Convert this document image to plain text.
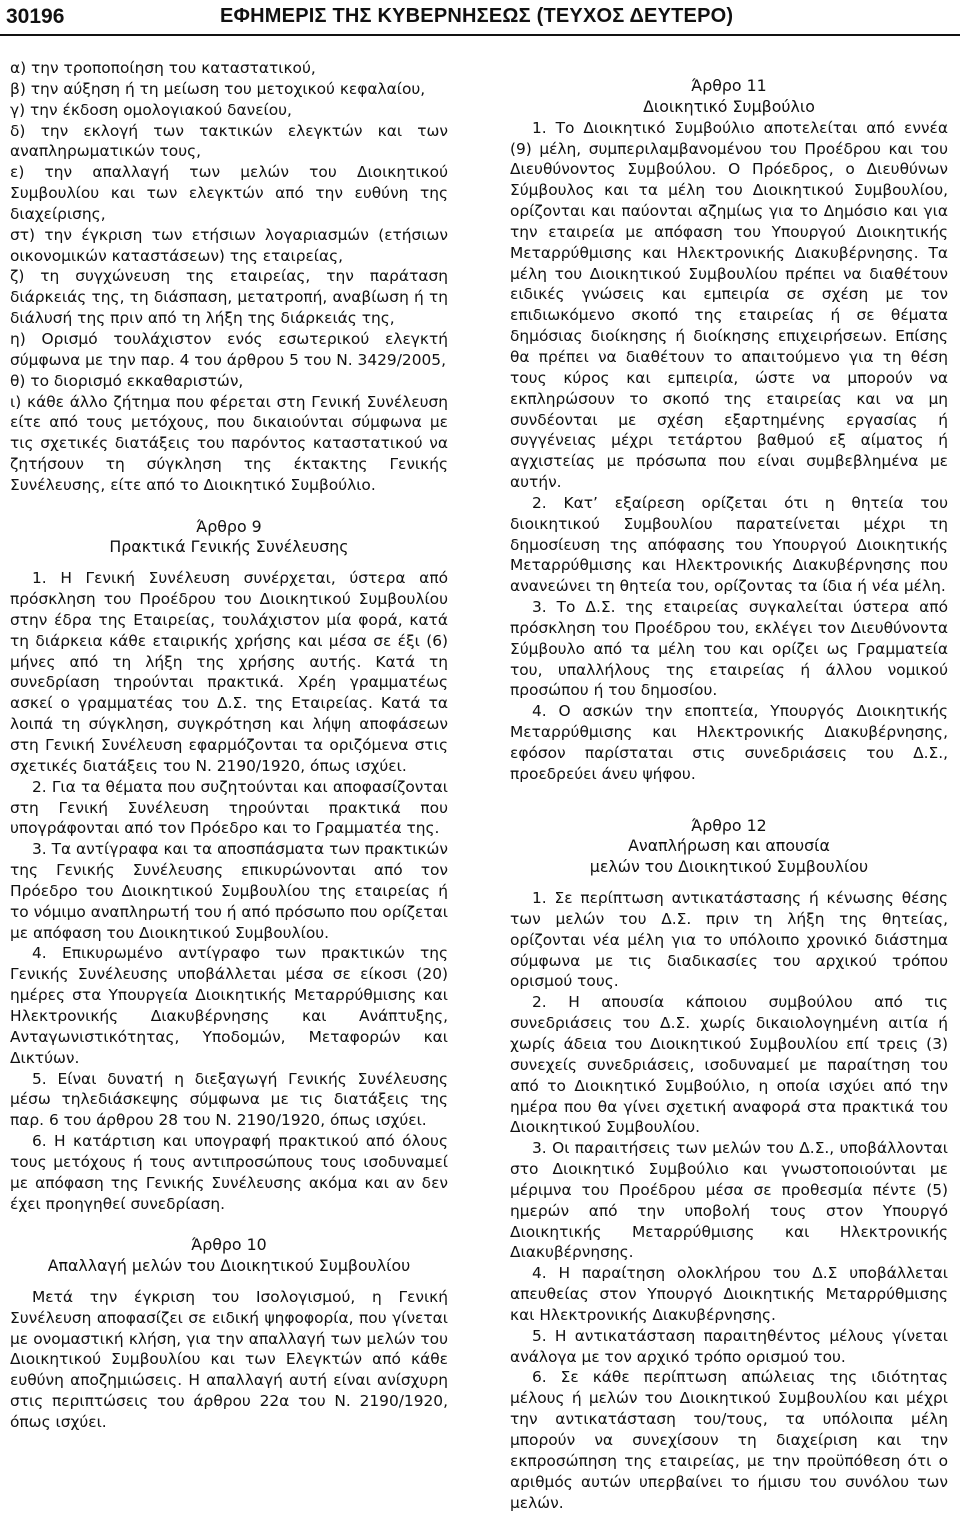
30196	ΕΦΗΜΕΡΙΣ ΤΗΣ ΚΥΒΕΡΝΗΣΕΩΣ (ΤΕΥΧΟΣ ΔΕΥΤΕΡΟ)

α) την τροποποίηση του καταστατικού,

β) την αύξηση ή τη μείωση του μετοχικού κεφαλαίου,

γ) την έκδοση ομολογιακού δανείου,

δ) την εκλογή των τακτικών ελεγκτών και των αναπληρωματικών τους,

ε) την απαλλαγή των μελών του Διοικητικού Συμβουλίου και των ελεγκτών από την ευθύνη της διαχείρισης,

στ) την έγκριση των ετήσιων λογαριασμών (ετήσιων οικονομικών καταστάσεων) της εταιρείας,

ζ) τη συγχώνευση της εταιρείας, την παράταση διάρκειάς της, τη διάσπαση, μετατροπή, αναβίωση ή τη διάλυσή της πριν από τη λήξη της διάρκειάς της,

η) Ορισμό τουλάχιστον ενός εσωτερικού ελεγκτή σύμφωνα με την παρ. 4 του άρθρου 5 του Ν. 3429/2005,

θ) το διορισμό εκκαθαριστών,

ι) κάθε άλλο ζήτημα που φέρεται στη Γενική Συνέλευση είτε από τους μετόχους, που δικαιούνται σύμφωνα με τις σχετικές διατάξεις του παρόντος καταστατικού να ζητήσουν τη σύγκληση της έκτακτης Γενικής Συνέλευσης, είτε από το Διοικητικό Συμβούλιο.

Άρθρο 9

Πρακτικά Γενικής Συνέλευσης

1. Η Γενική Συνέλευση συνέρχεται, ύστερα από πρόσκληση του Προέδρου του Διοικητικού Συμβουλίου στην έδρα της Εταιρείας, τουλάχιστον μία φορά, κατά τη διάρκεια κάθε εταιρικής χρήσης και μέσα σε έξι (6) μήνες από τη λήξη της χρήσης αυτής. Κατά τη συνεδρίαση τηρούνται πρακτικά. Χρέη γραμματέως ασκεί ο γραμματέας του Δ.Σ. της Εταιρείας. Κατά τα λοιπά τη σύγκληση, συγκρότηση και λήψη αποφάσεων στη Γενική Συνέλευση εφαρμόζονται τα οριζόμενα στις σχετικές διατάξεις του Ν. 2190/1920, όπως ισχύει.

2. Για τα θέματα που συζητούνται και αποφασίζονται στη Γενική Συνέλευση τηρούνται πρακτικά που υπογράφονται από τον Πρόεδρο και το Γραμματέα της.

3. Τα αντίγραφα και τα αποσπάσματα των πρακτικών της Γενικής Συνέλευσης επικυρώνονται από τον Πρόεδρο του Διοικητικού Συμβουλίου της εταιρείας ή το νόμιμο αναπληρωτή του ή από πρόσωπο που ορίζεται με απόφαση του Διοικητικού Συμβουλίου.

4. Επικυρωμένο αντίγραφο των πρακτικών της Γενικής Συνέλευσης υποβάλλεται μέσα σε είκοσι (20) ημέρες στα Υπουργεία Διοικητικής Μεταρρύθμισης και Ηλεκτρονικής Διακυβέρνησης και Ανάπτυξης, Ανταγωνιστικότητας, Υποδομών, Μεταφορών και Δικτύων.

5. Είναι δυνατή η διεξαγωγή Γενικής Συνέλευσης μέσω τηλεδιάσκεψης σύμφωνα με τις διατάξεις της παρ. 6 του άρθρου 28 του Ν. 2190/1920, όπως ισχύει.

6. Η κατάρτιση και υπογραφή πρακτικού από όλους τους μετόχους ή τους αντιπροσώπους τους ισοδυναμεί με απόφαση της Γενικής Συνέλευσης ακόμα και αν δεν έχει προηγηθεί συνεδρίαση.

Άρθρο 10

Απαλλαγή μελών του Διοικητικού Συμβουλίου

Μετά την έγκριση του Ισολογισμού, η Γενική Συνέλευση αποφασίζει σε ειδική ψηφοφορία, που γίνεται με ονομαστική κλήση, για την απαλλαγή των μελών του Διοικητικού Συμβουλίου και των Ελεγκτών από κάθε ευθύνη αποζημιώσεις. Η απαλλαγή αυτή είναι ανίσχυρη στις περιπτώσεις του άρθρου 22α του Ν. 2190/1920, όπως ισχύει.

Άρθρο 11

Διοικητικό Συμβούλιο

1. Το Διοικητικό Συμβούλιο αποτελείται από εννέα (9) μέλη, συμπεριλαμβανομένου του Προέδρου και του Διευθύνοντος Συμβούλου. Ο Πρόεδρος, ο Διευθύνων Σύμβουλος και τα μέλη του Διοικητικού Συμβουλίου, ορίζονται και παύονται αζημίως για το Δημόσιο και για την εταιρεία με απόφαση του Υπουργού Διοικητικής Μεταρρύθμισης και Ηλεκτρονικής Διακυβέρνησης. Τα μέλη του Διοικητικού Συμβουλίου πρέπει να διαθέτουν ειδικές γνώσεις και εμπειρία σε σχέση με τον επιδιωκόμενο σκοπό της εταιρείας ή σε θέματα δημόσιας διοίκησης ή διοίκησης επιχειρήσεων. Επίσης θα πρέπει να διαθέτουν το απαιτούμενο για τη θέση τους κύρος και εμπειρία, ώστε να μπορούν να εκπληρώσουν το σκοπό της εταιρείας και να μη συνδέονται με σχέση εξαρτημένης εργασίας ή συγγένειας μέχρι τετάρτου βαθμού εξ αίματος ή αγχιστείας με πρόσωπα που είναι συμβεβλημένα με αυτήν.

2. Κατ’ εξαίρεση ορίζεται ότι η θητεία του διοικητικού Συμβουλίου παρατείνεται μέχρι τη δημοσίευση της απόφασης του Υπουργού Διοικητικής Μεταρρύθμισης και Ηλεκτρονικής Διακυβέρνησης που ανανεώνει τη θητεία του, ορίζοντας τα ίδια ή νέα μέλη.

3. Το Δ.Σ. της εταιρείας συγκαλείται ύστερα από πρόσκληση του Προέδρου του, εκλέγει τον Διευθύνοντα Σύμβουλο από τα μέλη του και ορίζει ως Γραμματεία του, υπαλλήλους της εταιρείας ή άλλου νομικού προσώπου ή του δημοσίου.

4. Ο ασκών την εποπτεία, Υπουργός Διοικητικής Μεταρρύθμισης και Ηλεκτρονικής Διακυβέρνησης, εφόσον παρίσταται στις συνεδριάσεις του Δ.Σ., προεδρεύει άνευ ψήφου.

Άρθρο 12

Αναπλήρωση και απουσία

μελών του Διοικητικού Συμβουλίου

1. Σε περίπτωση αντικατάστασης ή κένωσης θέσης των μελών του Δ.Σ. πριν τη λήξη της θητείας, ορίζονται νέα μέλη για το υπόλοιπο χρονικό διάστημα σύμφωνα με τις διαδικασίες του αρχικού τρόπου ορισμού τους.

2. Η απουσία κάποιου συμβούλου από τις συνεδριάσεις του Δ.Σ. χωρίς δικαιολογημένη αιτία ή χωρίς άδεια του Διοικητικού Συμβουλίου επί τρεις (3) συνεχείς συνεδριάσεις, ισοδυναμεί με παραίτηση του από το Διοικητικό Συμβούλιο, η οποία ισχύει από την ημέρα που θα γίνει σχετική αναφορά στα πρακτικά του Διοικητικού Συμβουλίου.

3. Οι παραιτήσεις των μελών του Δ.Σ., υποβάλλονται στο Διοικητικό Συμβούλιο και γνωστοποιούνται με μέριμνα του Προέδρου μέσα σε προθεσμία πέντε (5) ημερών από την υποβολή τους στον Υπουργό Διοικητικής Μεταρρύθμισης και Ηλεκτρονικής Διακυβέρνησης.

4. Η παραίτηση ολοκλήρου του Δ.Σ υποβάλλεται απευθείας στον Υπουργό Διοικητικής Μεταρρύθμισης και Ηλεκτρονικής Διακυβέρνησης.

5. Η αντικατάσταση παραιτηθέντος μέλους γίνεται ανάλογα με τον αρχικό τρόπο ορισμού του.

6. Σε κάθε περίπτωση απώλειας της ιδιότητας μέλους ή μελών του Διοικητικού Συμβουλίου και μέχρι την αντικατάσταση του/τους, τα υπόλοιπα μέλη μπορούν να συνεχίσουν τη διαχείριση και την εκπροσώπηση της εταιρείας, με την προϋπόθεση ότι ο αριθμός αυτών υπερβαίνει το ήμισυ του συνόλου των μελών.
